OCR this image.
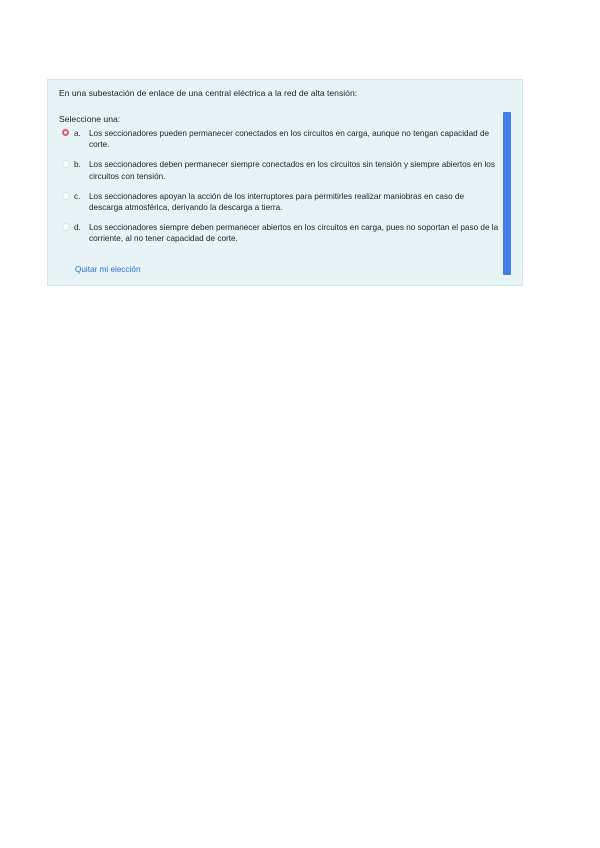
En una subestación de enlace de una central eléctrica a la red de alta tensión:
Seleccione una:
a. Los seccionadores pueden permanecer conectados en los circuitos en carga, aunque no tengan capacidad de corte.
b. Los seccionadores deben permanecer siempre conectados en los circuitos sin tensión y siempre abiertos en los circuitos con tensión.
c. Los seccionadores apoyan la acción de los interruptores para permitirles realizar maniobras en caso de descarga atmosférica, derivando la descarga a tierra.
d. Los seccionadores siempre deben permanecer abiertos en los circuitos en carga, pues no soportan el paso de la corriente, al no tener capacidad de corte.
Quitar mi elección
